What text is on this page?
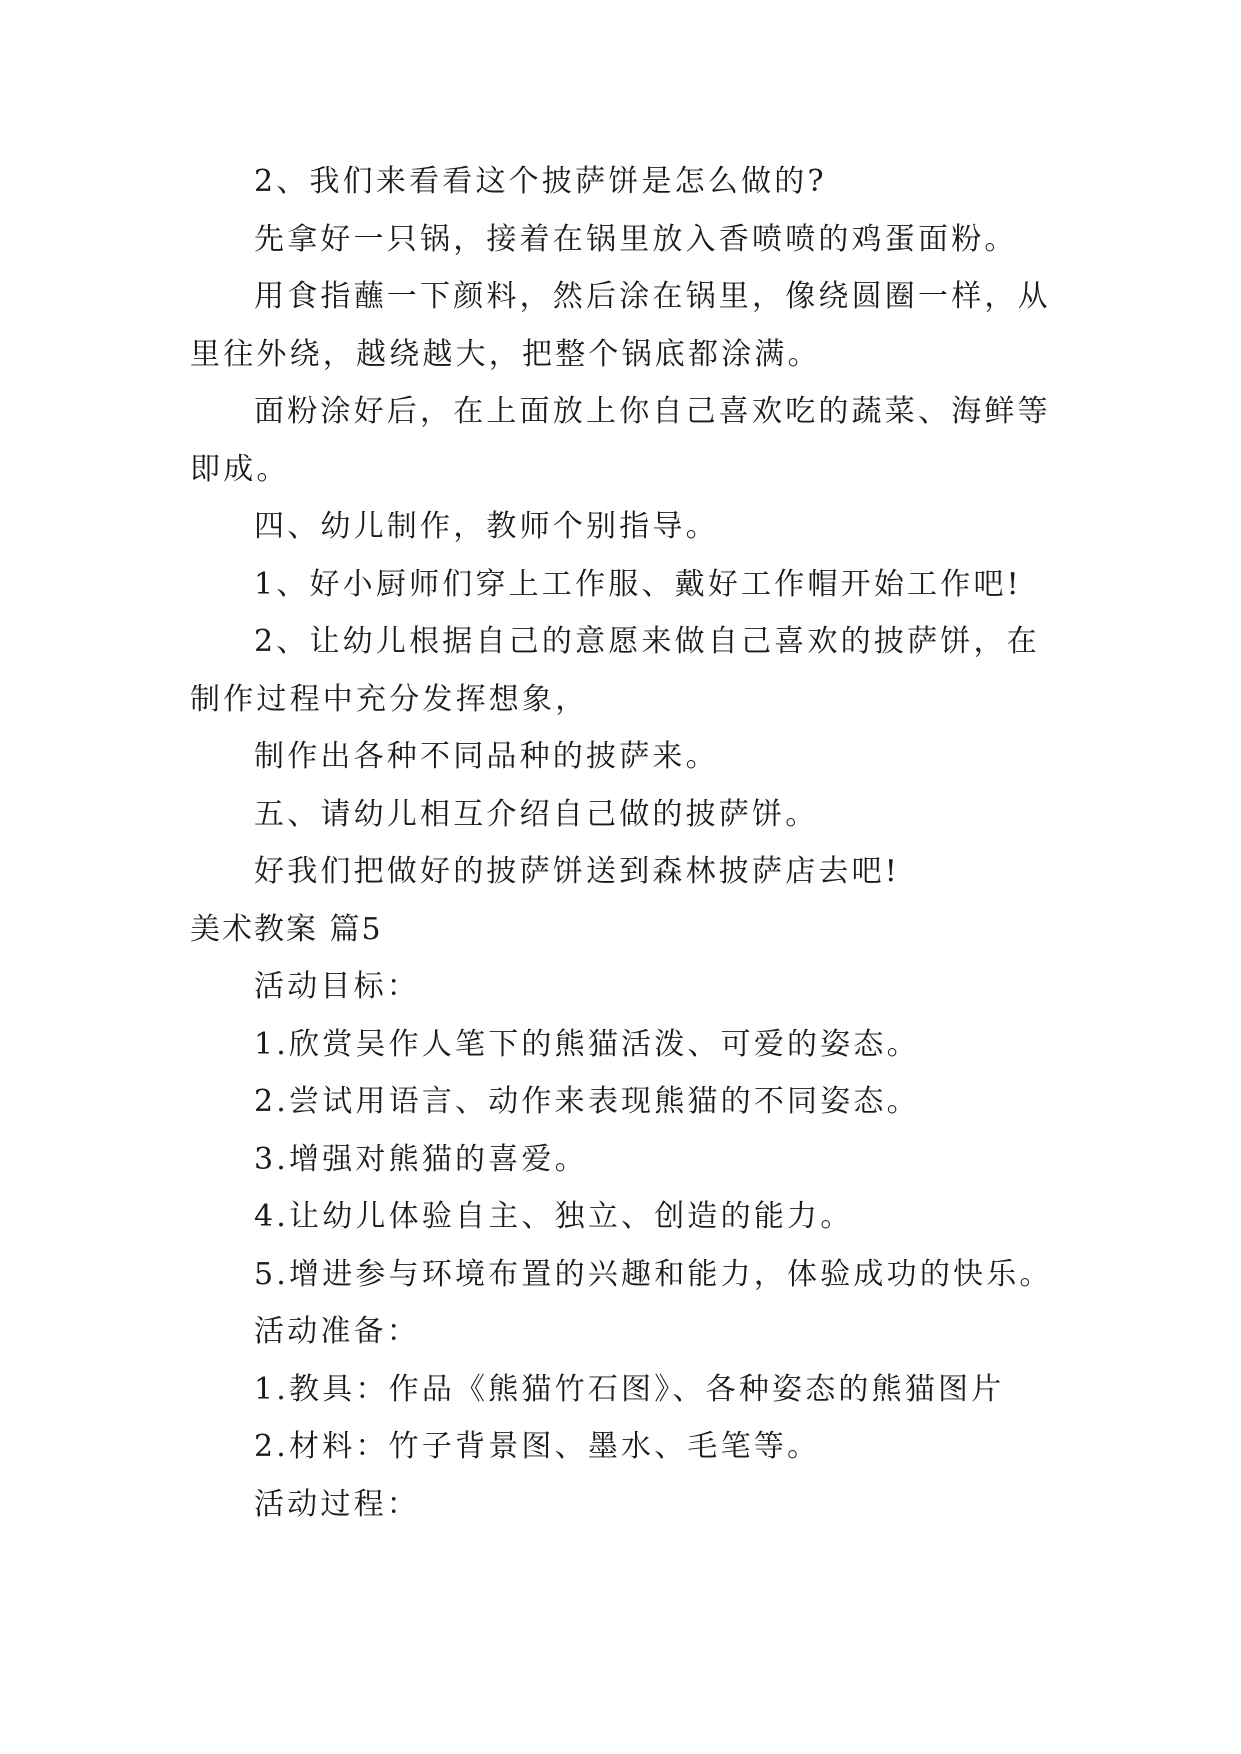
2、我们来看看这个披萨饼是怎么做的?
先拿好一只锅，接着在锅里放入香喷喷的鸡蛋面粉。
用食指蘸一下颜料，然后涂在锅里，像绕圆圈一样，从
里往外绕，越绕越大，把整个锅底都涂满。
面粉涂好后，在上面放上你自己喜欢吃的蔬菜、海鲜等
即成。
四、幼儿制作，教师个别指导。
1、好小厨师们穿上工作服、戴好工作帽开始工作吧!
2、让幼儿根据自己的意愿来做自己喜欢的披萨饼，在
制作过程中充分发挥想象，
制作出各种不同品种的披萨来。
五、请幼儿相互介绍自己做的披萨饼。
好我们把做好的披萨饼送到森林披萨店去吧!
美术教案 篇5
活动目标：
1.欣赏吴作人笔下的熊猫活泼、可爱的姿态。
2.尝试用语言、动作来表现熊猫的不同姿态。
3.增强对熊猫的喜爱。
4.让幼儿体验自主、独立、创造的能力。
5.增进参与环境布置的兴趣和能力，体验成功的快乐。
活动准备：
1.教具：作品《熊猫竹石图》、各种姿态的熊猫图片
2.材料：竹子背景图、墨水、毛笔等。
活动过程：
